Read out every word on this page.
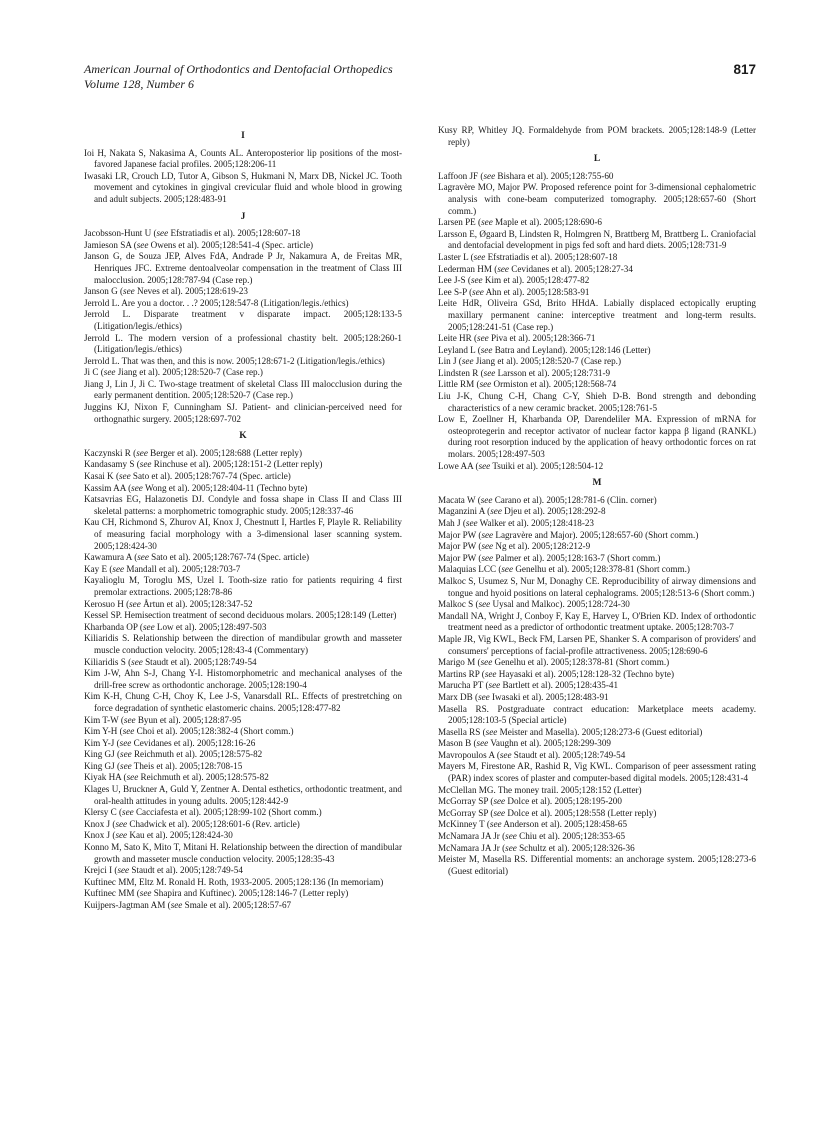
American Journal of Orthodontics and Dentofacial Orthopedics
Volume 128, Number 6
817
I
Ioi H, Nakata S, Nakasima A, Counts AL. Anteroposterior lip positions of the most-favored Japanese facial profiles. 2005;128:206-11
Iwasaki LR, Crouch LD, Tutor A, Gibson S, Hukmani N, Marx DB, Nickel JC. Tooth movement and cytokines in gingival crevicular fluid and whole blood in growing and adult subjects. 2005;128:483-91
J
Jacobsson-Hunt U (see Efstratiadis et al). 2005;128:607-18
Jamieson SA (see Owens et al). 2005;128:541-4 (Spec. article)
Janson G, de Souza JEP, Alves FdA, Andrade P Jr, Nakamura A, de Freitas MR, Henriques JFC. Extreme dentoalveolar compensation in the treatment of Class III malocclusion. 2005;128:787-94 (Case rep.)
Janson G (see Neves et al). 2005;128:619-23
Jerrold L. Are you a doctor. . .? 2005;128:547-8 (Litigation/legis./ethics)
Jerrold L. Disparate treatment v disparate impact. 2005;128:133-5 (Litigation/legis./ethics)
Jerrold L. The modern version of a professional chastity belt. 2005;128:260-1 (Litigation/legis./ethics)
Jerrold L. That was then, and this is now. 2005;128:671-2 (Litigation/legis./ethics)
Ji C (see Jiang et al). 2005;128:520-7 (Case rep.)
Jiang J, Lin J, Ji C. Two-stage treatment of skeletal Class III malocclusion during the early permanent dentition. 2005;128:520-7 (Case rep.)
Juggins KJ, Nixon F, Cunningham SJ. Patient- and clinician-perceived need for orthognathic surgery. 2005;128:697-702
K
Kaczynski R (see Berger et al). 2005;128:688 (Letter reply)
Kandasamy S (see Rinchuse et al). 2005;128:151-2 (Letter reply)
Kasai K (see Sato et al). 2005;128:767-74 (Spec. article)
Kassim AA (see Wong et al). 2005;128:404-11 (Techno byte)
Katsavrias EG, Halazonetis DJ. Condyle and fossa shape in Class II and Class III skeletal patterns: a morphometric tomographic study. 2005;128:337-46
Kau CH, Richmond S, Zhurov AI, Knox J, Chestnutt I, Hartles F, Playle R. Reliability of measuring facial morphology with a 3-dimensional laser scanning system. 2005;128:424-30
Kawamura A (see Sato et al). 2005;128:767-74 (Spec. article)
Kay E (see Mandall et al). 2005;128:703-7
Kayalioglu M, Toroglu MS, Uzel I. Tooth-size ratio for patients requiring 4 first premolar extractions. 2005;128:78-86
Kerosuo H (see Årtun et al). 2005;128:347-52
Kessel SP. Hemisection treatment of second deciduous molars. 2005;128:149 (Letter)
Kharbanda OP (see Low et al). 2005;128:497-503
Kiliaridis S. Relationship between the direction of mandibular growth and masseter muscle conduction velocity. 2005;128:43-4 (Commentary)
Kiliaridis S (see Staudt et al). 2005;128:749-54
Kim J-W, Ahn S-J, Chang Y-I. Histomorphometric and mechanical analyses of the drill-free screw as orthodontic anchorage. 2005;128:190-4
Kim K-H, Chung C-H, Choy K, Lee J-S, Vanarsdall RL. Effects of prestretching on force degradation of synthetic elastomeric chains. 2005;128:477-82
Kim T-W (see Byun et al). 2005;128:87-95
Kim Y-H (see Choi et al). 2005;128:382-4 (Short comm.)
Kim Y-J (see Cevidanes et al). 2005;128:16-26
King GJ (see Reichmuth et al). 2005;128:575-82
King GJ (see Theis et al). 2005;128:708-15
Kiyak HA (see Reichmuth et al). 2005;128:575-82
Klages U, Bruckner A, Guld Y, Zentner A. Dental esthetics, orthodontic treatment, and oral-health attitudes in young adults. 2005;128:442-9
Klersy C (see Cacciafesta et al). 2005;128:99-102 (Short comm.)
Knox J (see Chadwick et al). 2005;128:601-6 (Rev. article)
Knox J (see Kau et al). 2005;128:424-30
Konno M, Sato K, Mito T, Mitani H. Relationship between the direction of mandibular growth and masseter muscle conduction velocity. 2005;128:35-43
Krejci I (see Staudt et al). 2005;128:749-54
Kuftinec MM, Eltz M. Ronald H. Roth, 1933-2005. 2005;128:136 (In memoriam)
Kuftinec MM (see Shapira and Kuftinec). 2005;128:146-7 (Letter reply)
Kuijpers-Jagtman AM (see Smale et al). 2005;128:57-67
Kusy RP, Whitley JQ. Formaldehyde from POM brackets. 2005;128:148-9 (Letter reply)
L
Laffoon JF (see Bishara et al). 2005;128:755-60
Lagravère MO, Major PW. Proposed reference point for 3-dimensional cephalometric analysis with cone-beam computerized tomography. 2005;128:657-60 (Short comm.)
Larsen PE (see Maple et al). 2005;128:690-6
Larsson E, Øgaard B, Lindsten R, Holmgren N, Brattberg M, Brattberg L. Craniofacial and dentofacial development in pigs fed soft and hard diets. 2005;128:731-9
Laster L (see Efstratiadis et al). 2005;128:607-18
Lederman HM (see Cevidanes et al). 2005;128:27-34
Lee J-S (see Kim et al). 2005;128:477-82
Lee S-P (see Ahn et al). 2005;128:583-91
Leite HdR, Oliveira GSd, Brito HHdA. Labially displaced ectopically erupting maxillary permanent canine: interceptive treatment and long-term results. 2005;128:241-51 (Case rep.)
Leite HR (see Piva et al). 2005;128:366-71
Leyland L (see Batra and Leyland). 2005;128:146 (Letter)
Lin J (see Jiang et al). 2005;128:520-7 (Case rep.)
Lindsten R (see Larsson et al). 2005;128:731-9
Little RM (see Ormiston et al). 2005;128:568-74
Liu J-K, Chung C-H, Chang C-Y, Shieh D-B. Bond strength and debonding characteristics of a new ceramic bracket. 2005;128:761-5
Low E, Zoellner H, Kharbanda OP, Darendeliler MA. Expression of mRNA for osteoprotegerin and receptor activator of nuclear factor kappa β ligand (RANKL) during root resorption induced by the application of heavy orthodontic forces on rat molars. 2005;128:497-503
Lowe AA (see Tsuiki et al). 2005;128:504-12
M
Macata W (see Carano et al). 2005;128:781-6 (Clin. corner)
Maganzini A (see Djeu et al). 2005;128:292-8
Mah J (see Walker et al). 2005;128:418-23
Major PW (see Lagravère and Major). 2005;128:657-60 (Short comm.)
Major PW (see Ng et al). 2005;128:212-9
Major PW (see Palmer et al). 2005;128:163-7 (Short comm.)
Malaquias LCC (see Genelhu et al). 2005;128:378-81 (Short comm.)
Malkoc S, Usumez S, Nur M, Donaghy CE. Reproducibility of airway dimensions and tongue and hyoid positions on lateral cephalograms. 2005;128:513-6 (Short comm.)
Malkoc S (see Uysal and Malkoc). 2005;128:724-30
Mandall NA, Wright J, Conboy F, Kay E, Harvey L, O'Brien KD. Index of orthodontic treatment need as a predictor of orthodontic treatment uptake. 2005;128:703-7
Maple JR, Vig KWL, Beck FM, Larsen PE, Shanker S. A comparison of providers' and consumers' perceptions of facial-profile attractiveness. 2005;128:690-6
Marigo M (see Genelhu et al). 2005;128:378-81 (Short comm.)
Martins RP (see Hayasaki et al). 2005;128:128-32 (Techno byte)
Marucha PT (see Bartlett et al). 2005;128:435-41
Marx DB (see Iwasaki et al). 2005;128:483-91
Masella RS. Postgraduate contract education: Marketplace meets academy. 2005;128:103-5 (Special article)
Masella RS (see Meister and Masella). 2005;128:273-6 (Guest editorial)
Mason B (see Vaughn et al). 2005;128:299-309
Mavropoulos A (see Staudt et al). 2005;128:749-54
Mayers M, Firestone AR, Rashid R, Vig KWL. Comparison of peer assessment rating (PAR) index scores of plaster and computer-based digital models. 2005;128:431-4
McClellan MG. The money trail. 2005;128:152 (Letter)
McGorray SP (see Dolce et al). 2005;128:195-200
McGorray SP (see Dolce et al). 2005;128:558 (Letter reply)
McKinney T (see Anderson et al). 2005;128:458-65
McNamara JA Jr (see Chiu et al). 2005;128:353-65
McNamara JA Jr (see Schultz et al). 2005;128:326-36
Meister M, Masella RS. Differential moments: an anchorage system. 2005;128:273-6 (Guest editorial)
